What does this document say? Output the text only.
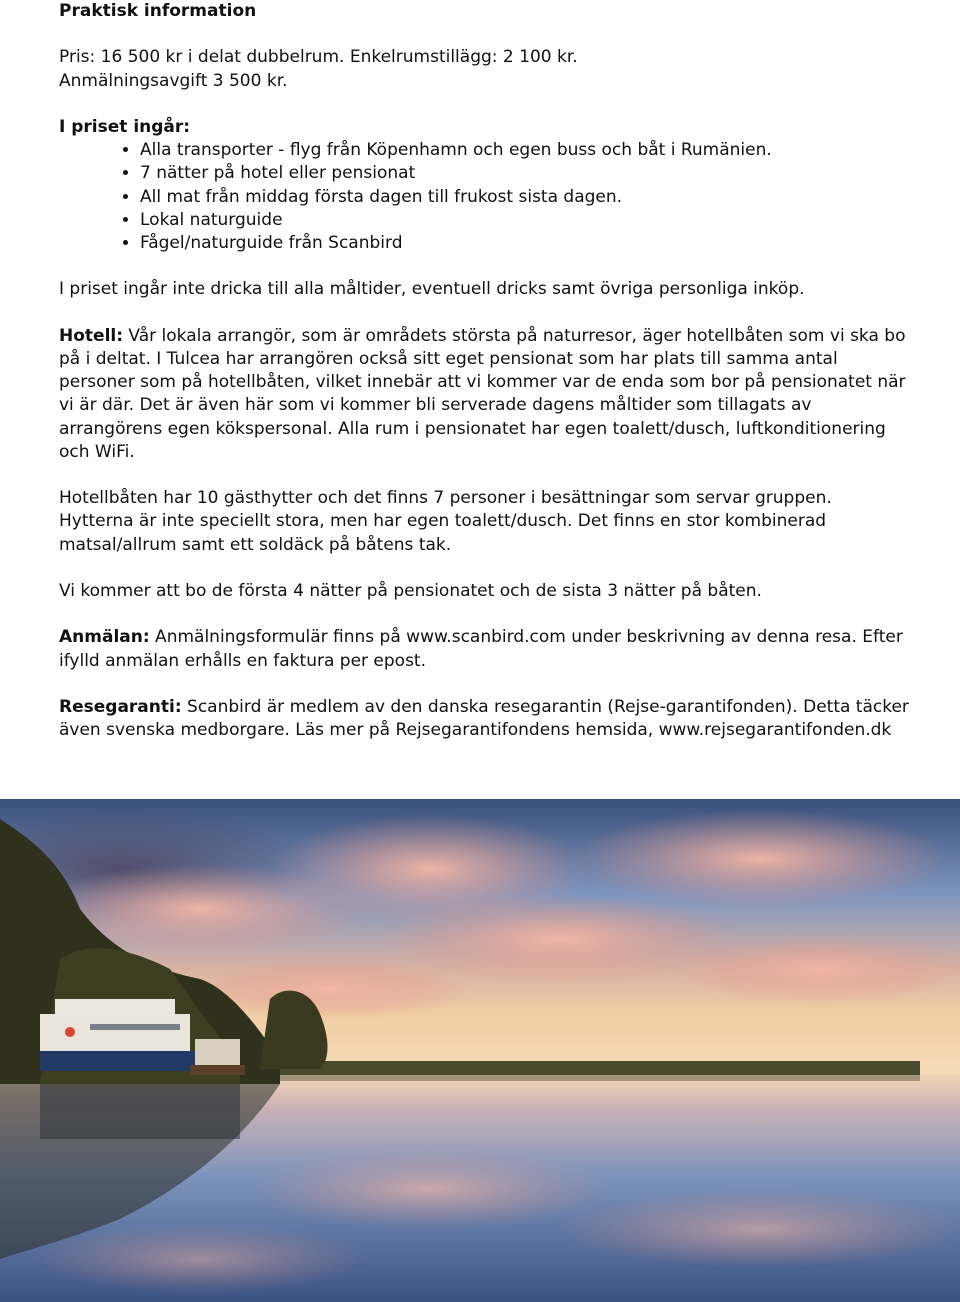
Praktisk information

Pris: 16 500 kr i delat dubbelrum. Enkelrumstillägg: 2 100 kr.
Anmälningsavgift 3 500 kr.

I priset ingår:

• Alla transporter - flyg från Köpenhamn och egen buss och båt i Rumänien.
• 7 nätter på hotel eller pensionat
• All mat från middag första dagen till frukost sista dagen.
• Lokal naturguide
• Fågel/naturguide från Scanbird

I priset ingår inte dricka till alla måltider, eventuell dricks samt övriga personliga inköp.

Hotell: Vår lokala arrangör, som är områdets största på naturresor, äger hotellbåten som vi ska bo på i deltat. I Tulcea har arrangören också sitt eget pensionat som har plats till samma antal personer som på hotellbåten, vilket innebär att vi kommer var de enda som bor på pensionatet när vi är där. Det är även här som vi kommer bli serverade dagens måltider som tillagats av arrangörens egen kökspersonal. Alla rum i pensionatet har egen toalett/dusch, luftkonditionering och WiFi.

Hotellbåten har 10 gästhytter och det finns 7 personer i besättningar som servar gruppen. Hytterna är inte speciellt stora, men har egen toalett/dusch. Det finns en stor kombinerad matsal/allrum samt ett soldäck på båtens tak.

Vi kommer att bo de första 4 nätter på pensionatet och de sista 3 nätter på båten.

Anmälan: Anmälningsformulär finns på www.scanbird.com under beskrivning av denna resa. Efter ifylld anmälan erhålls en faktura per epost.

Resegaranti: Scanbird är medlem av den danska resegarantin (Rejse-garantifonden). Detta täcker även svenska medborgare. Läs mer på Rejsegarantifondens hemsida, www.rejsegarantifonden.dk
